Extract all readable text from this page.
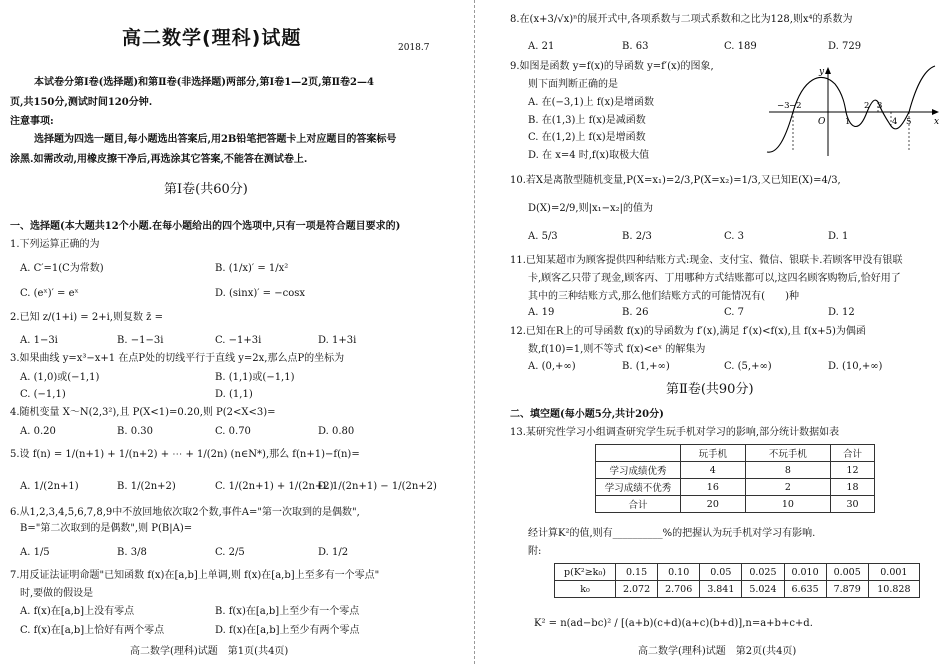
高二数学(理科)试题	2018.7
本试卷分第Ⅰ卷(选择题)和第Ⅱ卷(非选择题)两部分,第Ⅰ卷1—2页,第Ⅱ卷2—4
页,共150分,测试时间120分钟.
注意事项:
选择题为四选一题目,每小题选出答案后,用2B铅笔把答题卡上对应题目的答案标号
涂黑.如需改动,用橡皮擦干净后,再选涂其它答案,不能答在测试卷上.
第Ⅰ卷(共60分)
一、选择题(本大题共12个小题.在每小题给出的四个选项中,只有一项是符合题目要求的)
1.下列运算正确的为
A. C′=1(C为常数)	B. (1/x)′ = 1/x²
C. (eˣ)′ = eˣ	D. (sinx)′ = −cosx
2.已知 z/(1+i) = 2+i,则复数 z̄ =
A. 1−3i	B. −1−3i	C. −1+3i	D. 1+3i
3.如果曲线 y=x³−x+1 在点P处的切线平行于直线 y=2x,那么点P的坐标为
A. (1,0)或(−1,1)	B. (1,1)或(−1,1)
C. (−1,1)	D. (1,1)
4.随机变量 X～N(2,3²),且 P(X<1)=0.20,则 P(2<X<3)=
A. 0.20	B. 0.30	C. 0.70	D. 0.80
5.设 f(n) = 1/(n+1) + 1/(n+2) + ⋯ + 1/(2n) (n∈N*),那么 f(n+1)−f(n)=
A. 1/(2n+1)	B. 1/(2n+2)	C. 1/(2n+1) + 1/(2n+2)
D. 1/(2n+1) − 1/(2n+2)
6.从1,2,3,4,5,6,7,8,9中不放回地依次取2个数,事件A="第一次取到的是偶数",
B="第二次取到的是偶数",则 P(B|A)=
A. 1/5	B. 3/8	C. 2/5	D. 1/2
7.用反证法证明命题"已知函数 f(x)在[a,b]上单调,则 f(x)在[a,b]上至多有一个零点"
时,要做的假设是
A. f(x)在[a,b]上没有零点	B. f(x)在[a,b]上至少有一个零点
C. f(x)在[a,b]上恰好有两个零点	D. f(x)在[a,b]上至少有两个零点
高二数学(理科)试题　第1页(共4页)
8.在(x+3/√x)ⁿ的展开式中,各项系数与二项式系数和之比为128,则x⁴的系数为
A. 21	B. 63	C. 189	D. 729
9.如图是函数 y=f(x)的导函数 y=f′(x)的图象,
则下面判断正确的是
A. 在(−3,1)上 f(x)是增函数
B. 在(1,3)上 f(x)是减函数
C. 在(1,2)上 f(x)是增函数
D. 在 x=4 时,f(x)取极大值
x
y
O
−3 −2
1
2 3
4 5
10.若X是离散型随机变量,P(X=x₁)=2/3,P(X=x₂)=1/3,又已知E(X)=4/3,
D(X)=2/9,则|x₁−x₂|的值为
A. 5/3	B. 2/3	C. 3	D. 1
11.已知某超市为顾客提供四种结账方式:现金、支付宝、微信、银联卡.若顾客甲没有银联
卡,顾客乙只带了现金,顾客丙、丁用哪种方式结账都可以,这四名顾客购物后,恰好用了
其中的三种结账方式,那么他们结账方式的可能情况有(　　)种
A. 19	B. 26	C. 7	D. 12
12.已知在R上的可导函数 f(x)的导函数为 f′(x),满足 f′(x)<f(x),且 f(x+5)为偶函
数,f(10)=1,则不等式 f(x)<eˣ 的解集为
A. (0,+∞)	B. (1,+∞)	C. (5,+∞)	D. (10,+∞)
第Ⅱ卷(共90分)
二、填空题(每小题5分,共计20分)
13.某研究性学习小组调查研究学生玩手机对学习的影响,部分统计数据如表
	玩手机	不玩手机	合计
学习成绩优秀	4	8	12
学习成绩不优秀	16	2	18
合计	20	10	30
经计算K²的值,则有__________%的把握认为玩手机对学习有影响.
附:
p(K²≥k₀)	0.15	0.10	0.05	0.025	0.010	0.005	0.001
k₀	2.072	2.706	3.841	5.024	6.635	7.879	10.828
K² = n(ad−bc)² / [(a+b)(c+d)(a+c)(b+d)],n=a+b+c+d.
高二数学(理科)试题　第2页(共4页)
